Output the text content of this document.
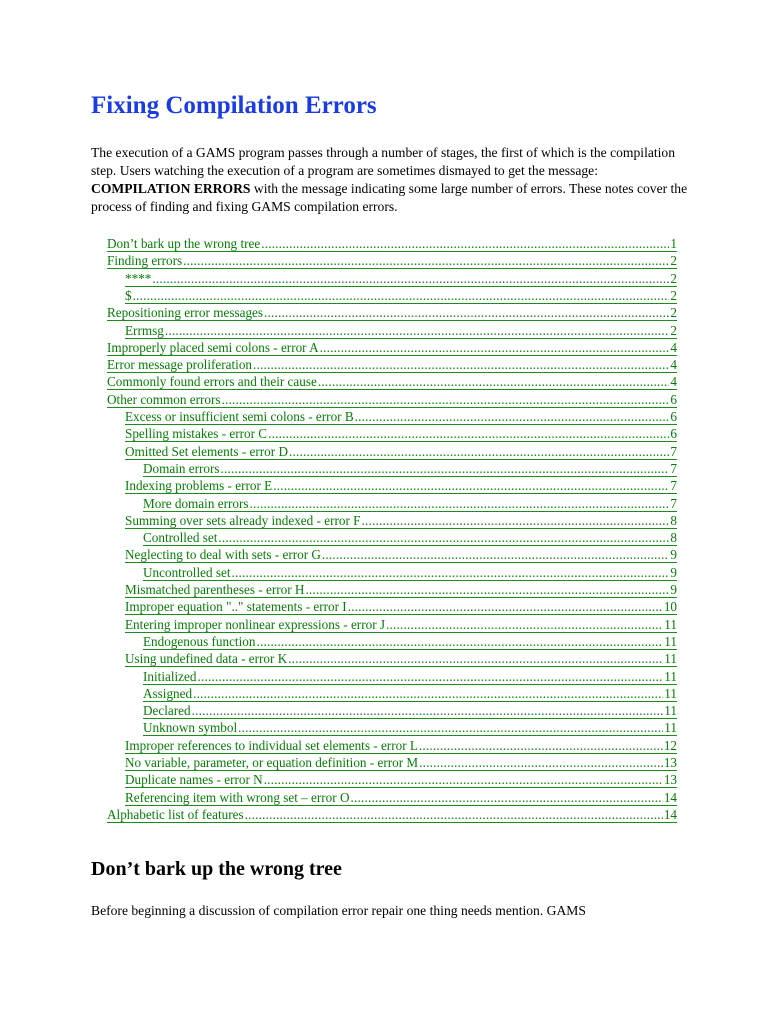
Fixing Compilation Errors

The execution of a GAMS program passes through a number of stages, the first of which is the compilation step. Users watching the execution of a program are sometimes dismayed to get the message: COMPILATION ERRORS with the message indicating some large number of errors. These notes cover the process of finding and fixing GAMS compilation errors.

Don’t bark up the wrong tree .....	1
Finding errors .....	2
**** .....	2
$ .....	2
Repositioning error messages .....	2
Errmsg .....	2
Improperly placed semi colons - error A .....	4
Error message proliferation .....	4
Commonly found errors and their cause .....	4
Other common errors .....	6
Excess or insufficient semi colons - error B .....	6
Spelling mistakes - error C .....	6
Omitted Set elements - error D .....	7
Domain errors .....	7
Indexing problems - error E .....	7
More domain errors .....	7
Summing over sets already indexed - error F .....	8
Controlled set .....	8
Neglecting to deal with sets - error G .....	9
Uncontrolled set .....	9
Mismatched parentheses - error H .....	9
Improper equation ".." statements - error I .....	10
Entering improper nonlinear expressions - error J .....	11
Endogenous function .....	11
Using undefined data - error K .....	11
Initialized .....	11
Assigned .....	11
Declared .....	11
Unknown symbol .....	11
Improper references to individual set elements - error L .....	12
No variable, parameter, or equation definition - error M .....	13
Duplicate names - error N .....	13
Referencing item with wrong set – error O .....	14
Alphabetic list of features .....	14
Don’t bark up the wrong tree

Before beginning a discussion of compilation error repair one thing needs mention. GAMS
